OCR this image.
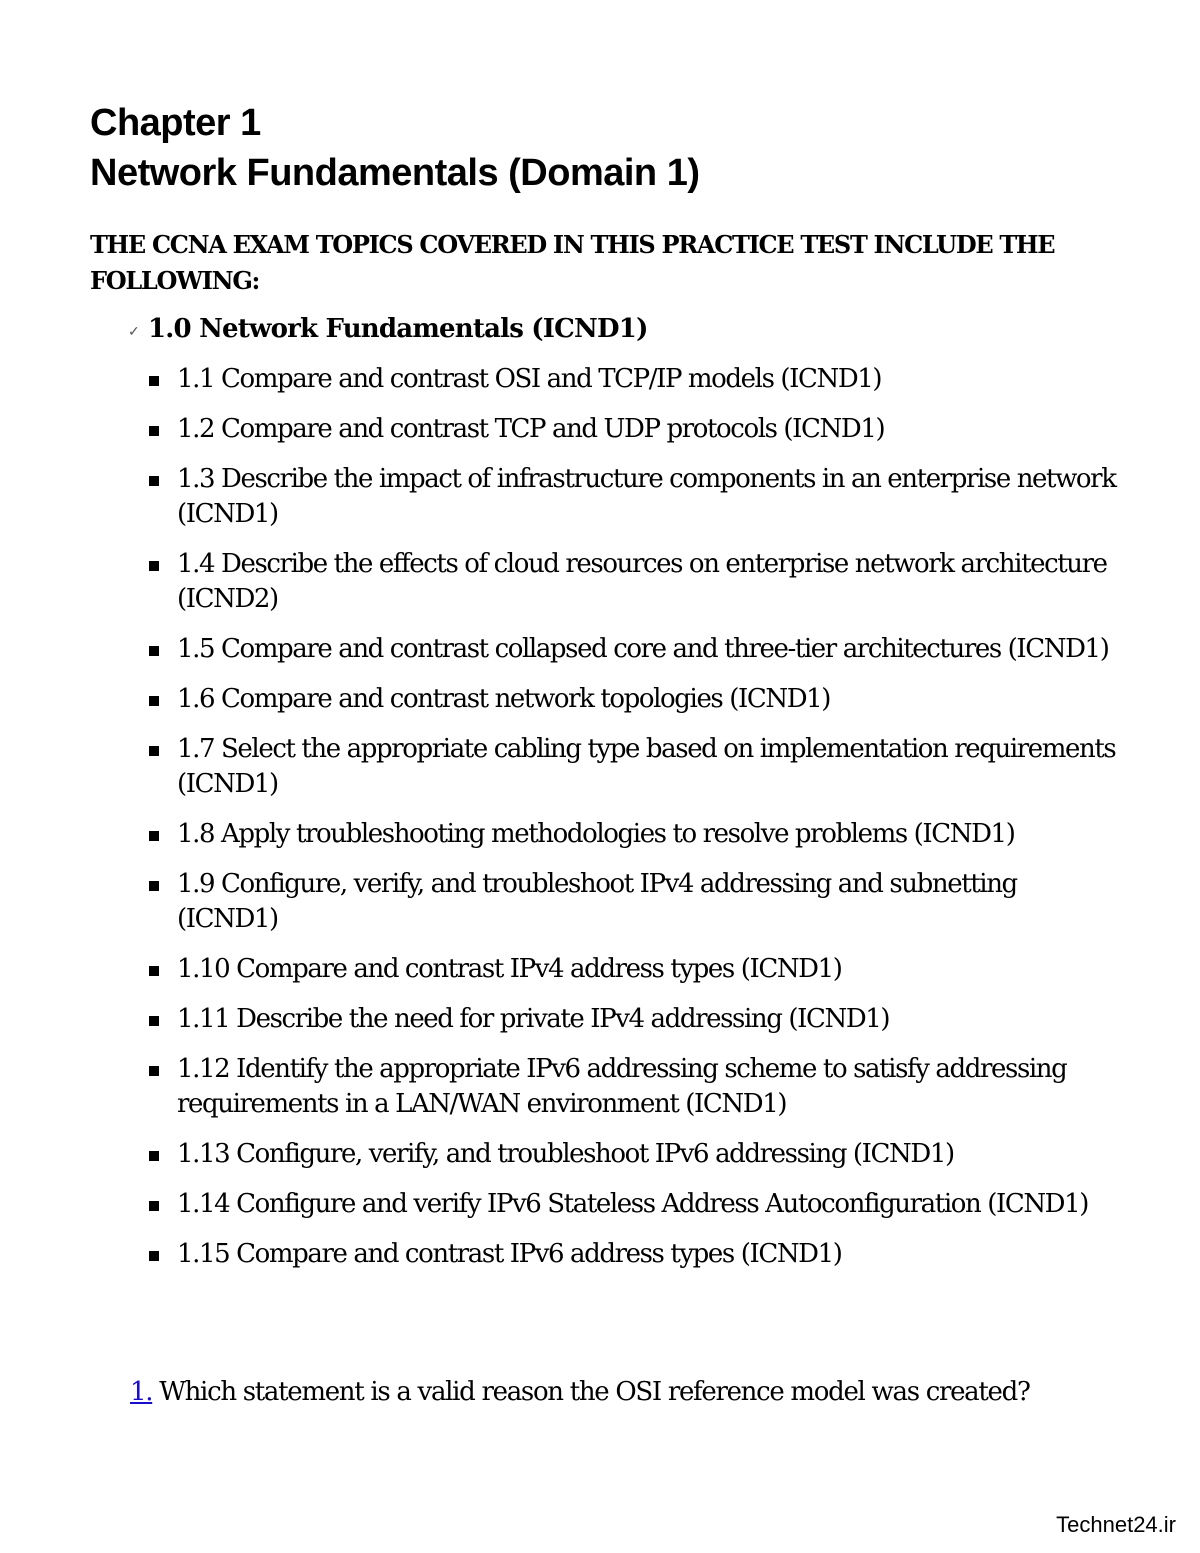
Chapter 1
Network Fundamentals (Domain 1)

THE CCNA EXAM TOPICS COVERED IN THIS PRACTICE TEST INCLUDE THE FOLLOWING:

✓ 1.0 Network Fundamentals (ICND1)

1.1 Compare and contrast OSI and TCP/IP models (ICND1)
1.2 Compare and contrast TCP and UDP protocols (ICND1)
1.3 Describe the impact of infrastructure components in an enterprise network (ICND1)
1.4 Describe the effects of cloud resources on enterprise network architecture (ICND2)
1.5 Compare and contrast collapsed core and three-tier architectures (ICND1)
1.6 Compare and contrast network topologies (ICND1)
1.7 Select the appropriate cabling type based on implementation requirements (ICND1)
1.8 Apply troubleshooting methodologies to resolve problems (ICND1)
1.9 Configure, verify, and troubleshoot IPv4 addressing and subnetting (ICND1)
1.10 Compare and contrast IPv4 address types (ICND1)
1.11 Describe the need for private IPv4 addressing (ICND1)
1.12 Identify the appropriate IPv6 addressing scheme to satisfy addressing requirements in a LAN/WAN environment (ICND1)
1.13 Configure, verify, and troubleshoot IPv6 addressing (ICND1)
1.14 Configure and verify IPv6 Stateless Address Autoconfiguration (ICND1)
1.15 Compare and contrast IPv6 address types (ICND1)

1. Which statement is a valid reason the OSI reference model was created?

Technet24.ir
